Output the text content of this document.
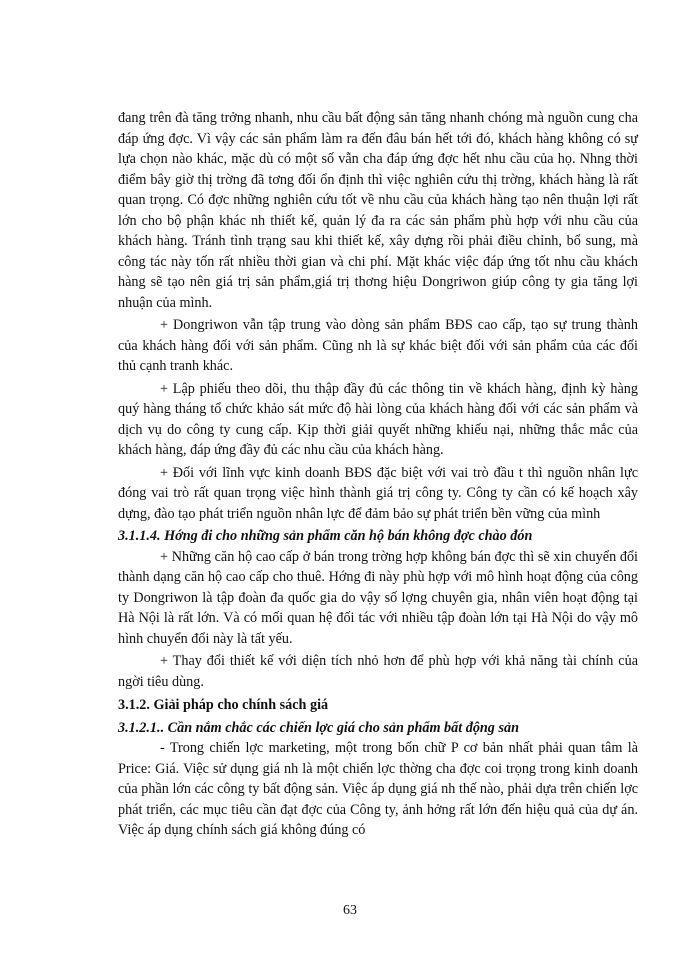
đang trên đà tăng trởng nhanh, nhu cầu bất động sản tăng nhanh chóng mà nguồn cung cha đáp ứng đợc. Vì vậy các sản phẩm làm ra đến đâu bán hết tới đó, khách hàng không có sự lựa chọn nào khác, mặc dù có một số vẫn cha đáp ứng đợc hết nhu cầu của họ. Nhng thời điểm bây giờ thị trờng đã tơng đối ổn định thì việc nghiên cứu thị trờng, khách hàng là rất quan trọng. Có đợc những nghiên cứu tốt về nhu cầu của khách hàng tạo nên thuận lợi rất lớn cho bộ phận khác nh thiết kế, quản lý đa ra các sản phẩm phù hợp với nhu cầu của khách hàng. Tránh tình trạng sau khi thiết kế, xây dựng rồi phải điều chỉnh, bổ sung, mà công tác này tốn rất nhiều thời gian và chi phí. Mặt khác việc đáp ứng tốt nhu cầu khách hàng sẽ tạo nên giá trị sản phẩm,giá trị thơng hiệu Dongriwon giúp công ty gia tăng lợi nhuận của mình.

+ Dongriwon vẫn tập trung vào dòng sản phẩm BĐS cao cấp, tạo sự trung thành của khách hàng đối với sản phẩm. Cũng nh là sự khác biệt đối với sản phẩm của các đối thủ cạnh tranh khác.

+ Lập phiếu theo dõi, thu thập đầy đủ các thông tin về khách hàng, định kỳ hàng quý hàng tháng tổ chức khảo sát mức độ hài lòng của khách hàng đối với các sản phẩm và dịch vụ do công ty cung cấp. Kịp thời giải quyết những khiếu nại, những thắc mắc của khách hàng, đáp ứng đầy đủ các nhu cầu của khách hàng.

+ Đối với lĩnh vực kinh doanh BĐS đặc biệt với vai trò đầu t thì nguồn nhân lực đóng vai trò rất quan trọng việc hình thành giá trị công ty. Công ty cần có kế hoạch xây dựng, đào tạo phát triển nguồn nhân lực để đảm bảo sự phát triển bền vững của mình

3.1.1.4. Hớng đi cho những sản phẩm căn hộ bán không đợc chào đón

+ Những căn hộ cao cấp ở bán trong trờng hợp không bán đợc thì sẽ xin chuyển đổi thành dạng căn hộ cao cấp cho thuê. Hớng đi này phù hợp với mô hình hoạt động của công ty Dongriwon là tập đoàn đa quốc gia do vậy số lợng chuyên gia, nhân viên hoạt động tại Hà Nội là rất lớn. Và có mối quan hệ đối tác với nhiều tập đoàn lớn tại Hà Nội do vậy mô hình chuyển đổi này là tất yếu.

+ Thay đổi thiết kế với diện tích nhỏ hơn để phù hợp với khả năng tài chính của ngời tiêu dùng.

3.1.2. Giải pháp cho chính sách giá

3.1.2.1.. Cần nắm chắc các chiến lợc giá cho sản phẩm bất động sản

- Trong chiến lợc marketing, một trong bốn chữ P cơ bản nhất phải quan tâm là Price: Giá. Việc sử dụng giá nh là một chiến lợc thờng cha đợc coi trọng trong kinh doanh của phần lớn các công ty bất động sản. Việc áp dụng giá nh thế nào, phải dựa trên chiến lợc phát triển, các mục tiêu cần đạt đợc của Công ty, ảnh hởng rất lớn đến hiệu quả của dự án. Việc áp dụng chính sách giá không đúng có

63
